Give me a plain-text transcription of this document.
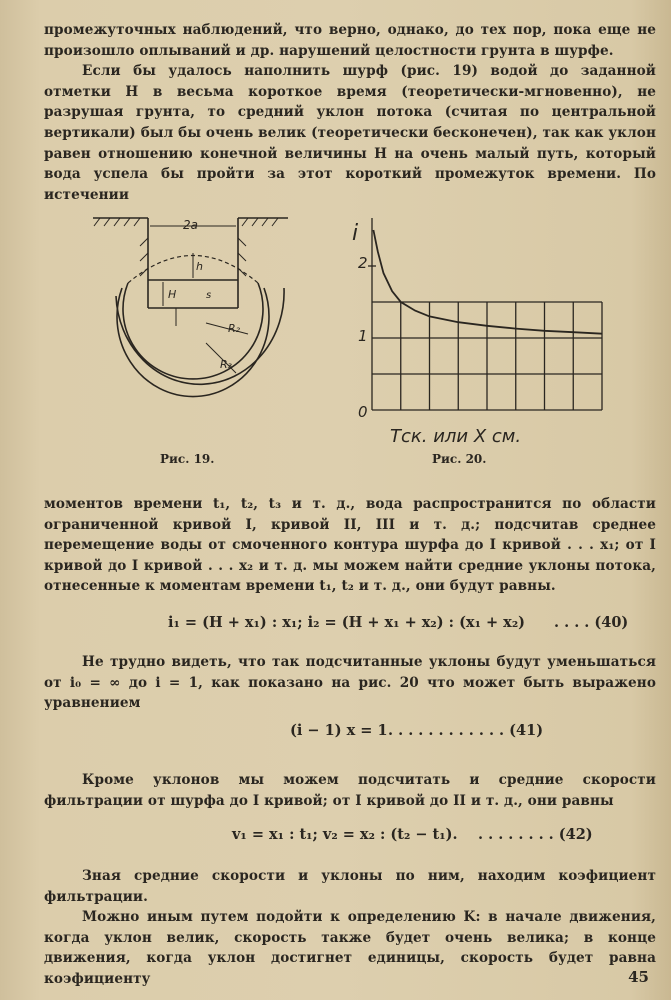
промежуточных наблюдений, что верно, однако, до тех пор, пока еще не произошло оплываний и др. нарушений целостности грунта в шурфе.

Если бы удалось наполнить шурф (рис. 19) водой до заданной отметки H в весьма короткое время (теоретически-мгновенно), не разрушая грунта, то средний уклон потока (считая по центральной вертикали) был бы очень велик (теоретически бесконечен), так как уклон равен отношению конечной величины H на очень малый путь, который вода успела бы пройти за этот короткий промежуток времени. По истечении

2a
h
H	s
R₂
R₃
Рис. 19.
i
2
1
0
Tск. или X см.
Рис. 20.

моментов времени t₁, t₂, t₃ и т. д., вода распространится по области ограниченной кривой I, кривой II, III и т. д.; подсчитав среднее перемещение воды от смоченного контура шурфа до I кривой . . . x₁; от I кривой до I кривой . . . x₂ и т. д. мы можем найти средние уклоны потока, отнесенные к моментам времени t₁, t₂ и т. д., они будут равны.

i₁ = (H + x₁) : x₁; i₂ = (H + x₁ + x₂) : (x₁ + x₂) . . . . (40)

Не трудно видеть, что так подсчитанные уклоны будут уменьшаться от i₀ = ∞ до i = 1, как показано на рис. 20 что может быть выражено уравнением

(i − 1) x = 1 . . . . . . . . . . . . (41)

Кроме уклонов мы можем подсчитать и средние скорости фильтрации от шурфа до I кривой; от I кривой до II и т. д., они равны

v₁ = x₁ : t₁; v₂ = x₂ : (t₂ − t₁). . . . . . . . . (42)

Зная средние скорости и уклоны по ним, находим коэфициент фильтрации.

Можно иным путем подойти к определению K: в начале движения, когда уклон велик, скорость также будет очень велика; в конце движения, когда уклон достигнет единицы, скорость будет равна коэфициенту	45
